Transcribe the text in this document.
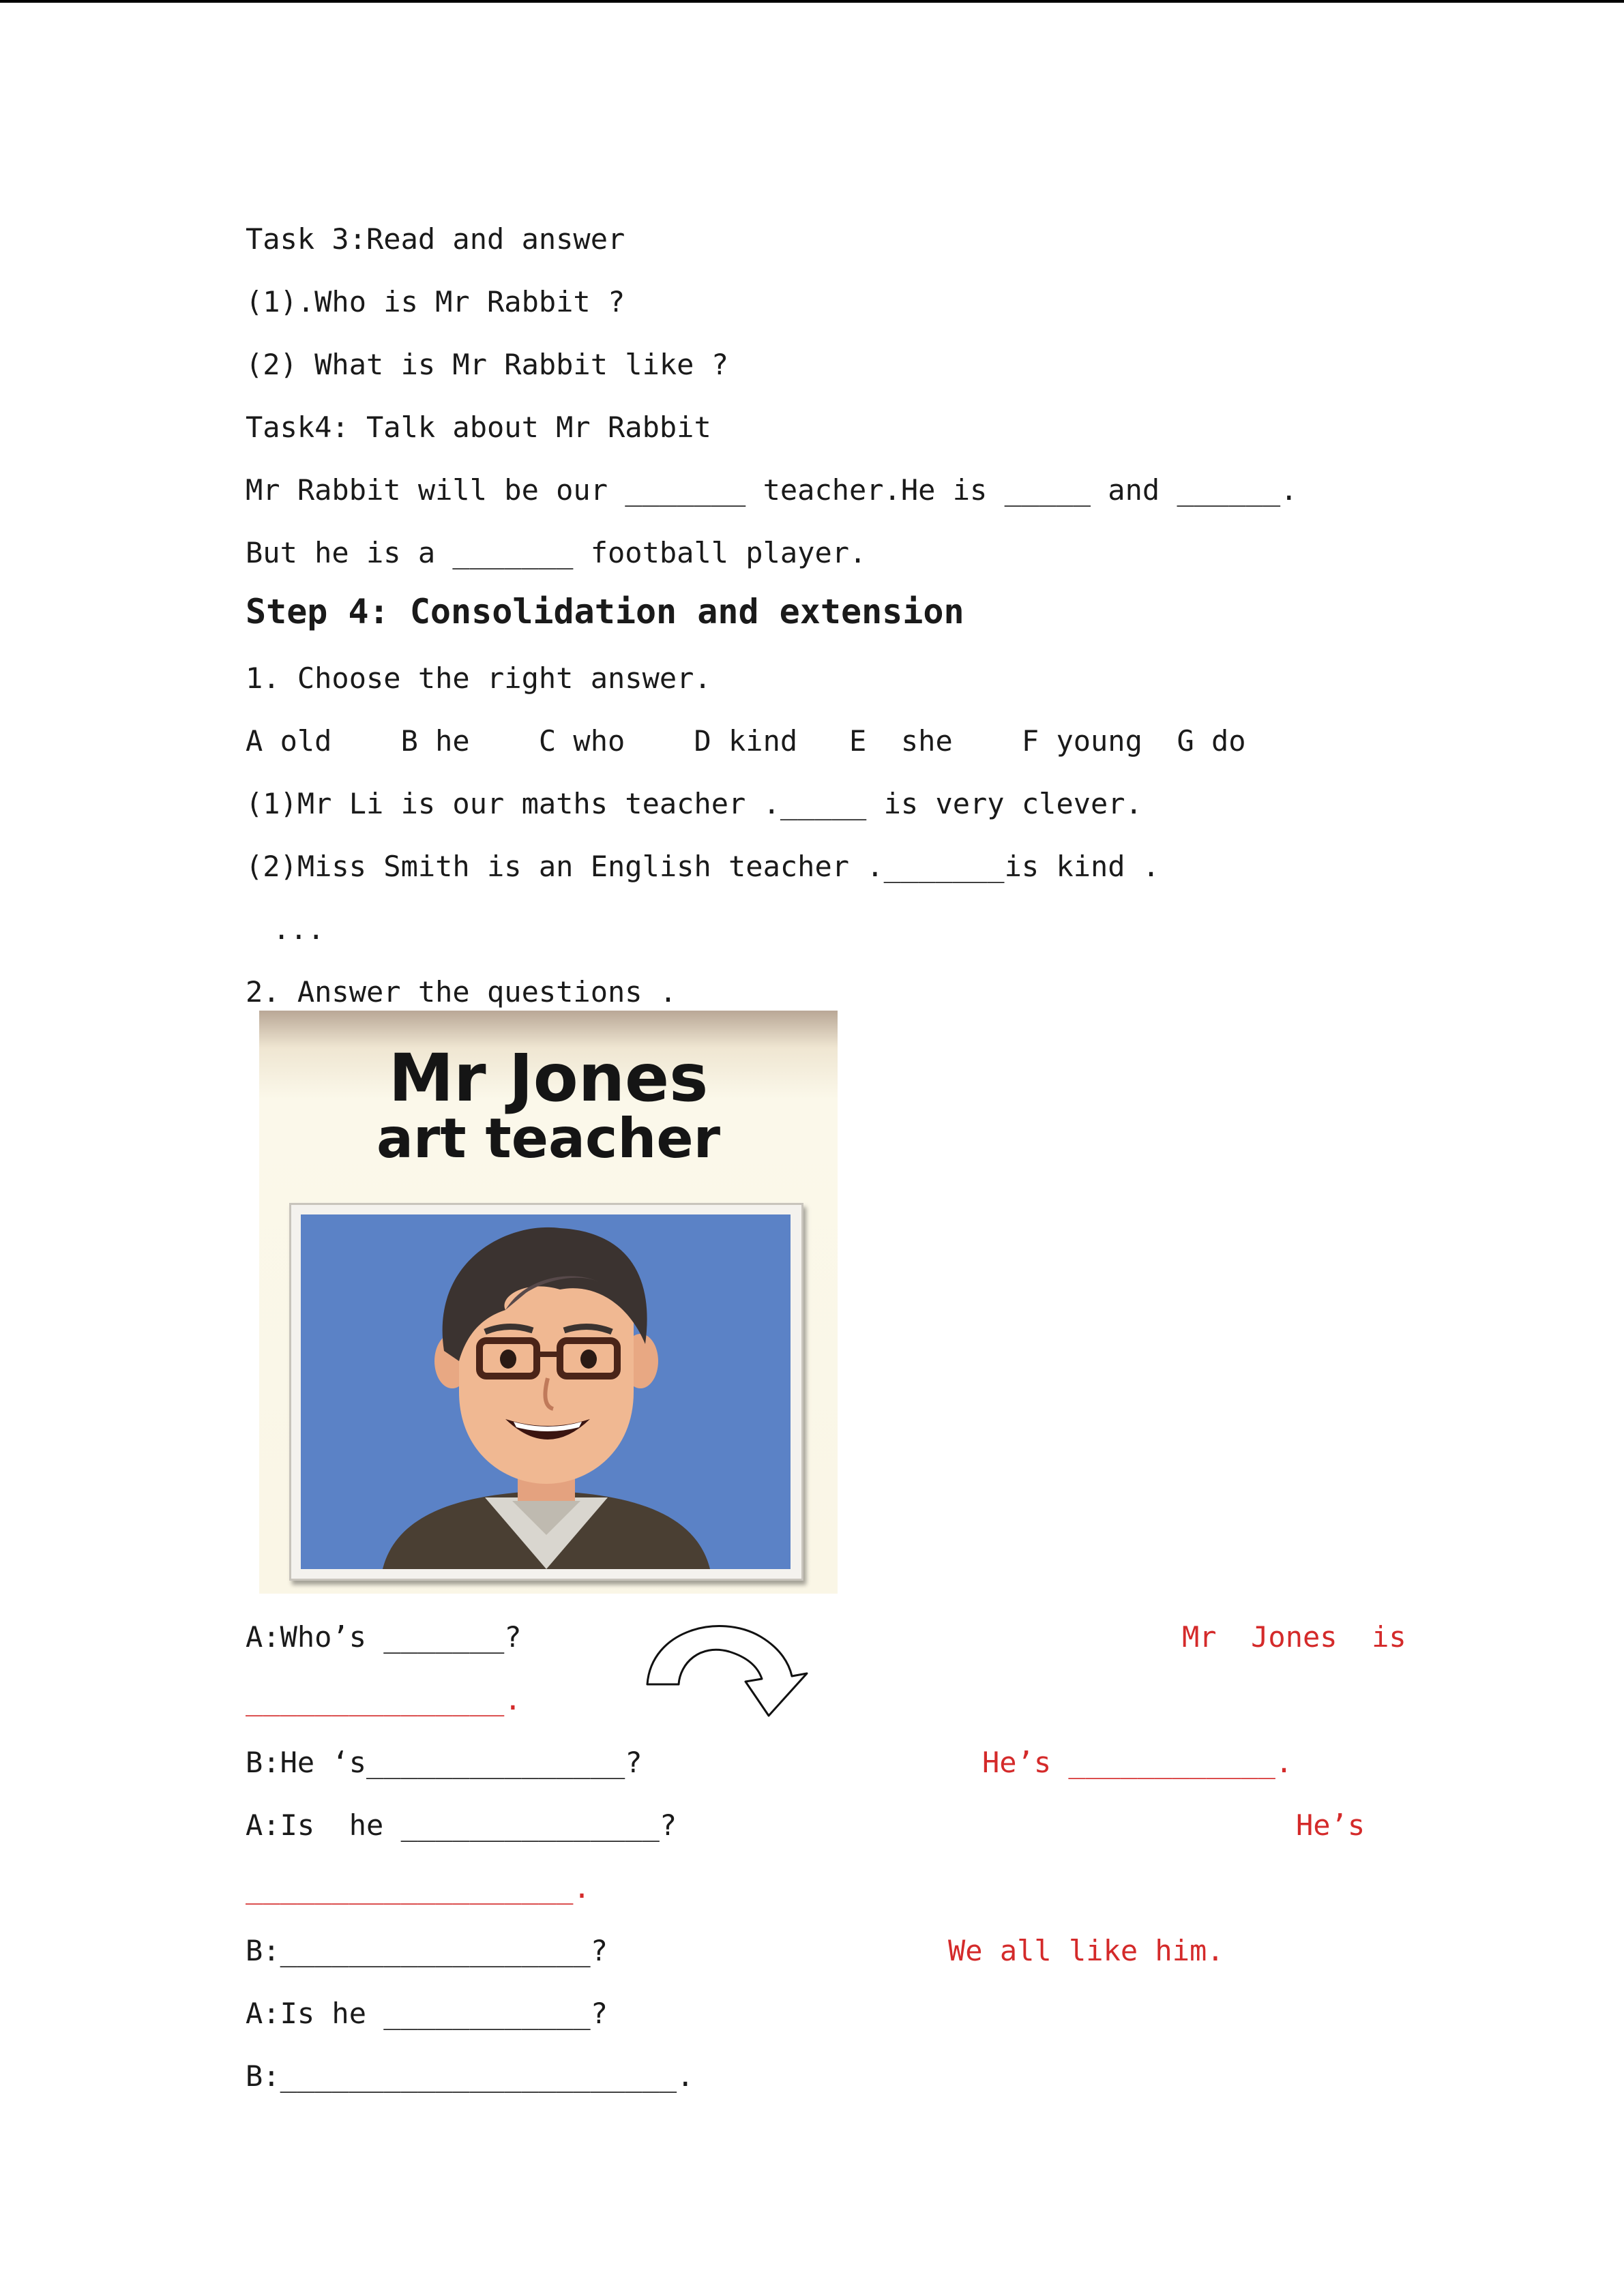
Task 3:Read and answer
(1).Who is Mr Rabbit ?
(2) What is Mr Rabbit like ?
Task4: Talk about Mr Rabbit
Mr Rabbit will be our _______ teacher.He is _____ and ______.
But he is a _______ football player.
Step 4: Consolidation and extension
1. Choose the right answer.
A old    B he    C who    D kind   E  she    F young  G do
(1)Mr Li is our maths teacher ._____ is very clever.
(2)Miss Smith is an English teacher ._______is kind .
...
2. Answer the questions .
Mr Jones
art teacher
A:Who’s _______?
B:He ‘s_______________?
A:Is  he _______________?
B:__________________?
A:Is he ____________?
B:_______________________.
Mr  Jones  is
_______________.
He’s ____________.
He’s
___________________.
We all like him.
